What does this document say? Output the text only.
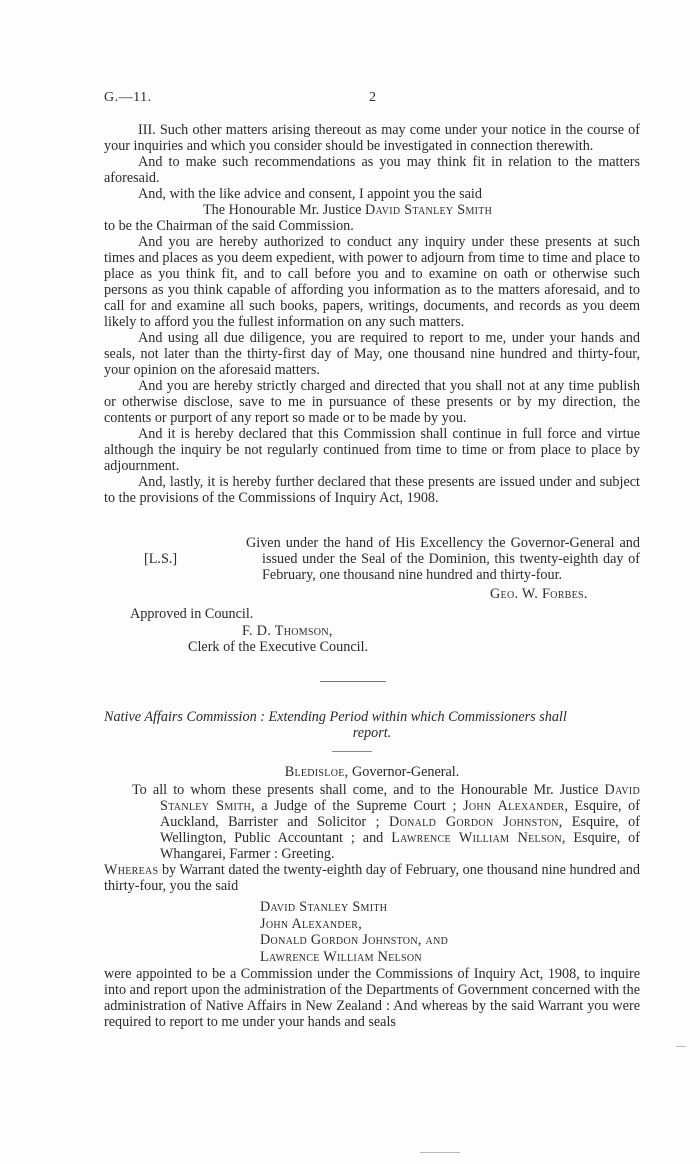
G.—11.	2

III. Such other matters arising thereout as may come under your notice in the course of your inquiries and which you consider should be investigated in connection therewith.

And to make such recommendations as you may think fit in relation to the matters aforesaid.

And, with the like advice and consent, I appoint you the said

The Honourable Mr. Justice David Stanley Smith

to be the Chairman of the said Commission.

And you are hereby authorized to conduct any inquiry under these presents at such times and places as you deem expedient, with power to adjourn from time to time and place to place as you think fit, and to call before you and to examine on oath or otherwise such persons as you think capable of affording you information as to the matters aforesaid, and to call for and examine all such books, papers, writings, documents, and records as you deem likely to afford you the fullest information on any such matters.

And using all due diligence, you are required to report to me, under your hands and seals, not later than the thirty-first day of May, one thousand nine hundred and thirty-four, your opinion on the aforesaid matters.

And you are hereby strictly charged and directed that you shall not at any time publish or otherwise disclose, save to me in pursuance of these presents or by my direction, the contents or purport of any report so made or to be made by you.

And it is hereby declared that this Commission shall continue in full force and virtue although the inquiry be not regularly continued from time to time or from place to place by adjournment.

And, lastly, it is hereby further declared that these presents are issued under and subject to the provisions of the Commissions of Inquiry Act, 1908.

[L.S.]
Given under the hand of His Excellency the Governor-General and issued under the Seal of the Dominion, this twenty-eighth day of February, one thousand nine hundred and thirty-four.
Geo. W. Forbes.
Approved in Council.
F. D. Thomson,
Clerk of the Executive Council.
Native Affairs Commission : Extending Period within which Commissioners shall
report.
Bledisloe, Governor-General.
To all to whom these presents shall come, and to the Honourable Mr. Justice David Stanley Smith, a Judge of the Supreme Court ; John Alexander, Esquire, of Auckland, Barrister and Solicitor ; Donald Gordon Johnston, Esquire, of Wellington, Public Accountant ; and Lawrence William Nelson, Esquire, of Whangarei, Farmer : Greeting.
Whereas by Warrant dated the twenty-eighth day of February, one thousand nine hundred and thirty-four, you the said
David Stanley Smith
John Alexander,
Donald Gordon Johnston, and
Lawrence William Nelson
were appointed to be a Commission under the Commissions of Inquiry Act, 1908, to inquire into and report upon the administration of the Departments of Government concerned with the administration of Native Affairs in New Zealand : And whereas by the said Warrant you were required to report to me under your hands and seals
